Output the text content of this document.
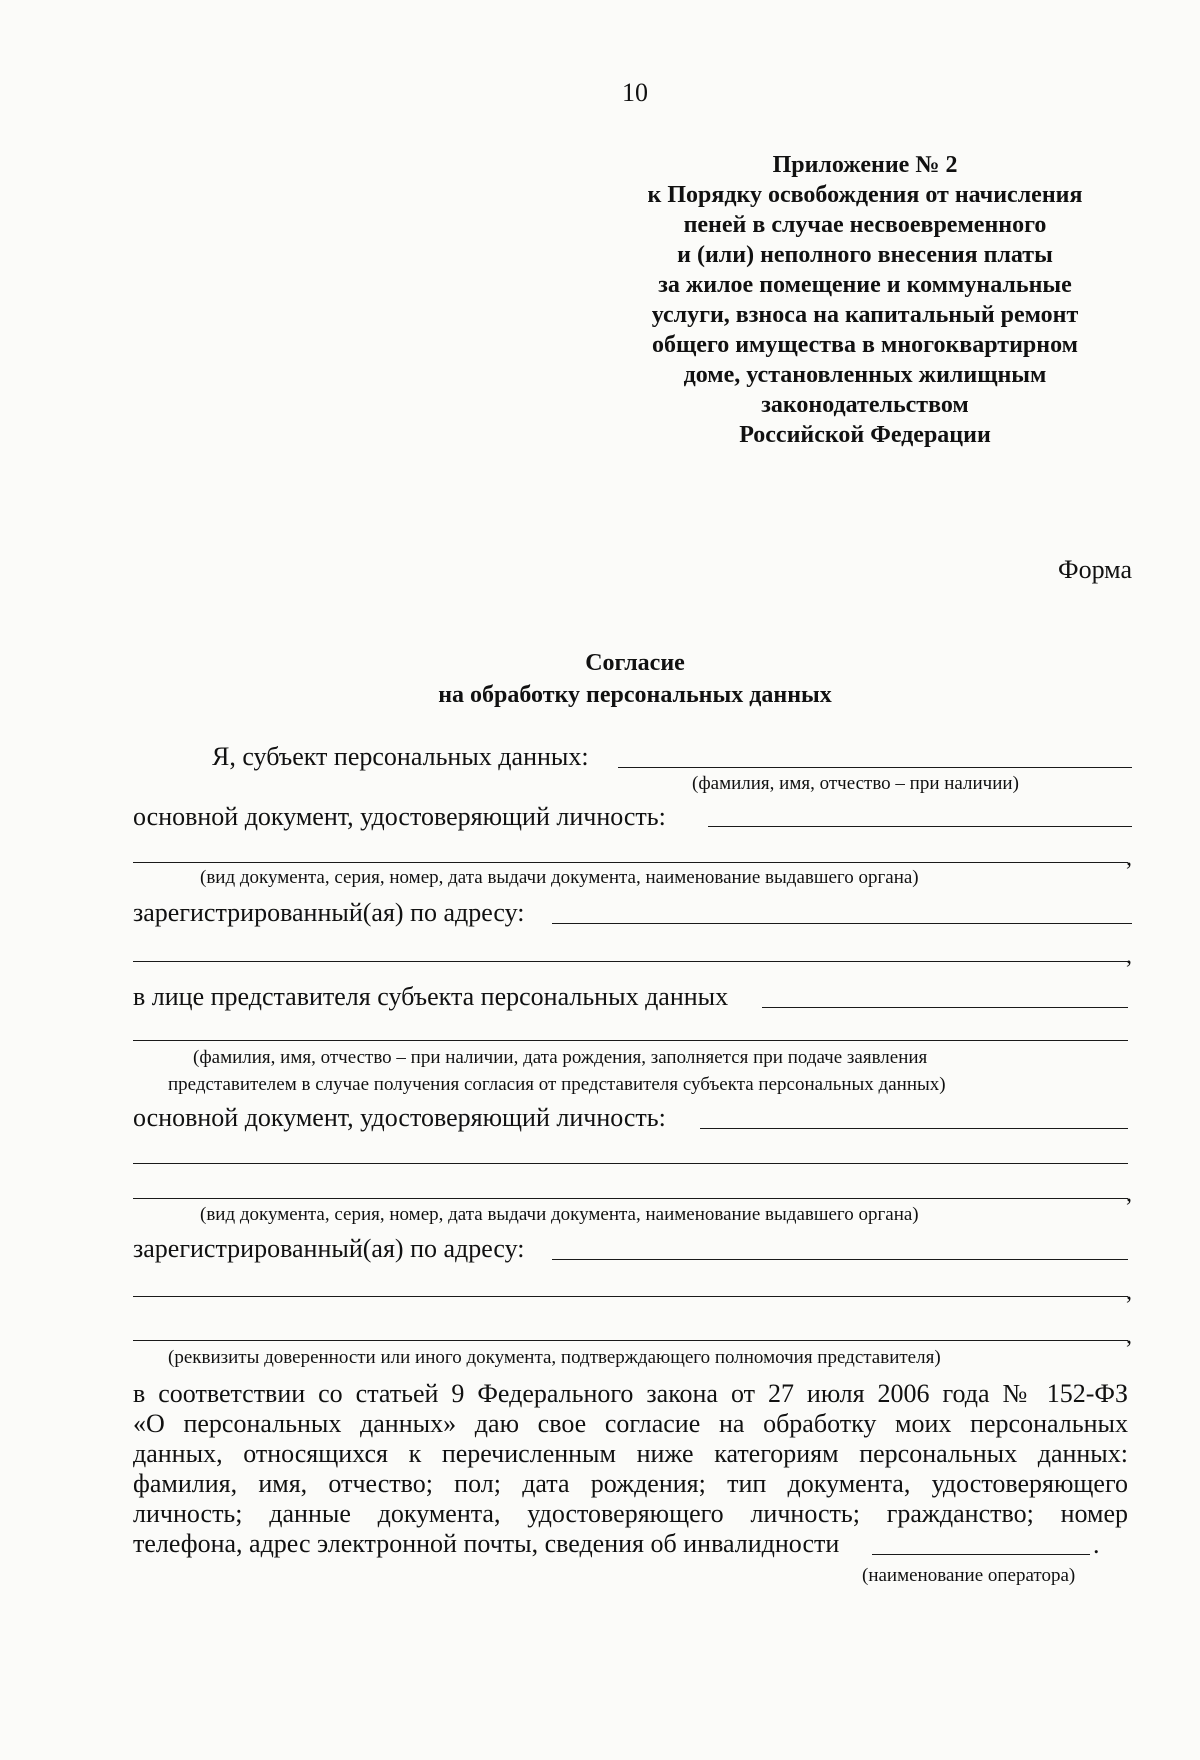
10
Приложение № 2
к Порядку освобождения от начисления
пеней в случае несвоевременного
и (или) неполного внесения платы
за жилое помещение и коммунальные
услуги, взноса на капитальный ремонт
общего имущества в многоквартирном
доме, установленных жилищным
законодательством
Российской Федерации
Форма
Согласие
на обработку персональных данных
Я, субъект персональных данных:
(фамилия, имя, отчество – при наличии)
основной документ, удостоверяющий личность:
,
(вид документа, серия, номер, дата выдачи документа, наименование выдавшего органа)
зарегистрированный(ая) по адресу:
,
в лице представителя субъекта персональных данных
(фамилия, имя, отчество – при наличии, дата рождения, заполняется при подаче заявления
представителем в случае получения согласия от представителя субъекта персональных данных)
основной документ, удостоверяющий личность:
,
(вид документа, серия, номер, дата выдачи документа, наименование выдавшего органа)
зарегистрированный(ая) по адресу:
,
,
(реквизиты доверенности или иного документа, подтверждающего полномочия представителя)
в соответствии со статьей 9 Федерального закона от 27 июля 2006 года № 152-ФЗ
«О персональных данных» даю свое согласие на обработку моих персональных
данных, относящихся к перечисленным ниже категориям персональных данных:
фамилия, имя, отчество; пол; дата рождения; тип документа, удостоверяющего
личность; данные документа, удостоверяющего личность; гражданство; номер
телефона, адрес электронной почты, сведения об инвалидности	.
(наименование оператора)
